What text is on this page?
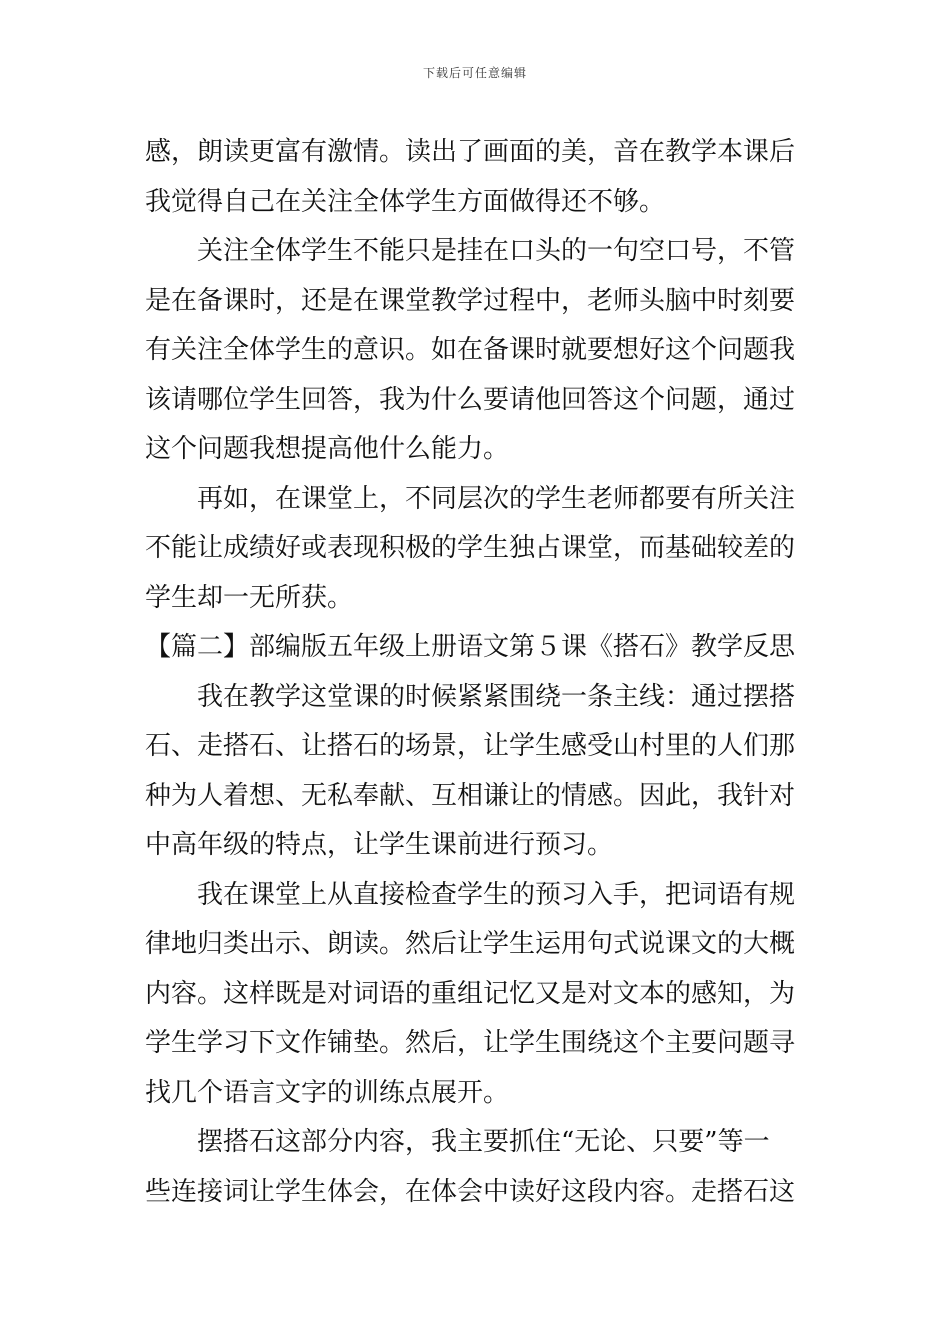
下载后可任意编辑
感，朗读更富有激情。读出了画面的美，音在教学本课后
我觉得自己在关注全体学生方面做得还不够。
关注全体学生不能只是挂在口头的一句空口号，不管
是在备课时，还是在课堂教学过程中，老师头脑中时刻要
有关注全体学生的意识。如在备课时就要想好这个问题我
该请哪位学生回答，我为什么要请他回答这个问题，通过
这个问题我想提高他什么能力。
再如，在课堂上，不同层次的学生老师都要有所关注
不能让成绩好或表现积极的学生独占课堂，而基础较差的
学生却一无所获。
【篇二】部编版五年级上册语文第５课《搭石》教学反思
我在教学这堂课的时候紧紧围绕一条主线：通过摆搭
石、走搭石、让搭石的场景，让学生感受山村里的人们那
种为人着想、无私奉献、互相谦让的情感。因此，我针对
中高年级的特点，让学生课前进行预习。
我在课堂上从直接检查学生的预习入手，把词语有规
律地归类出示、朗读。然后让学生运用句式说课文的大概
内容。这样既是对词语的重组记忆又是对文本的感知，为
学生学习下文作铺垫。然后，让学生围绕这个主要问题寻
找几个语言文字的训练点展开。
摆搭石这部分内容，我主要抓住“无论、只要”等一
些连接词让学生体会，在体会中读好这段内容。走搭石这
